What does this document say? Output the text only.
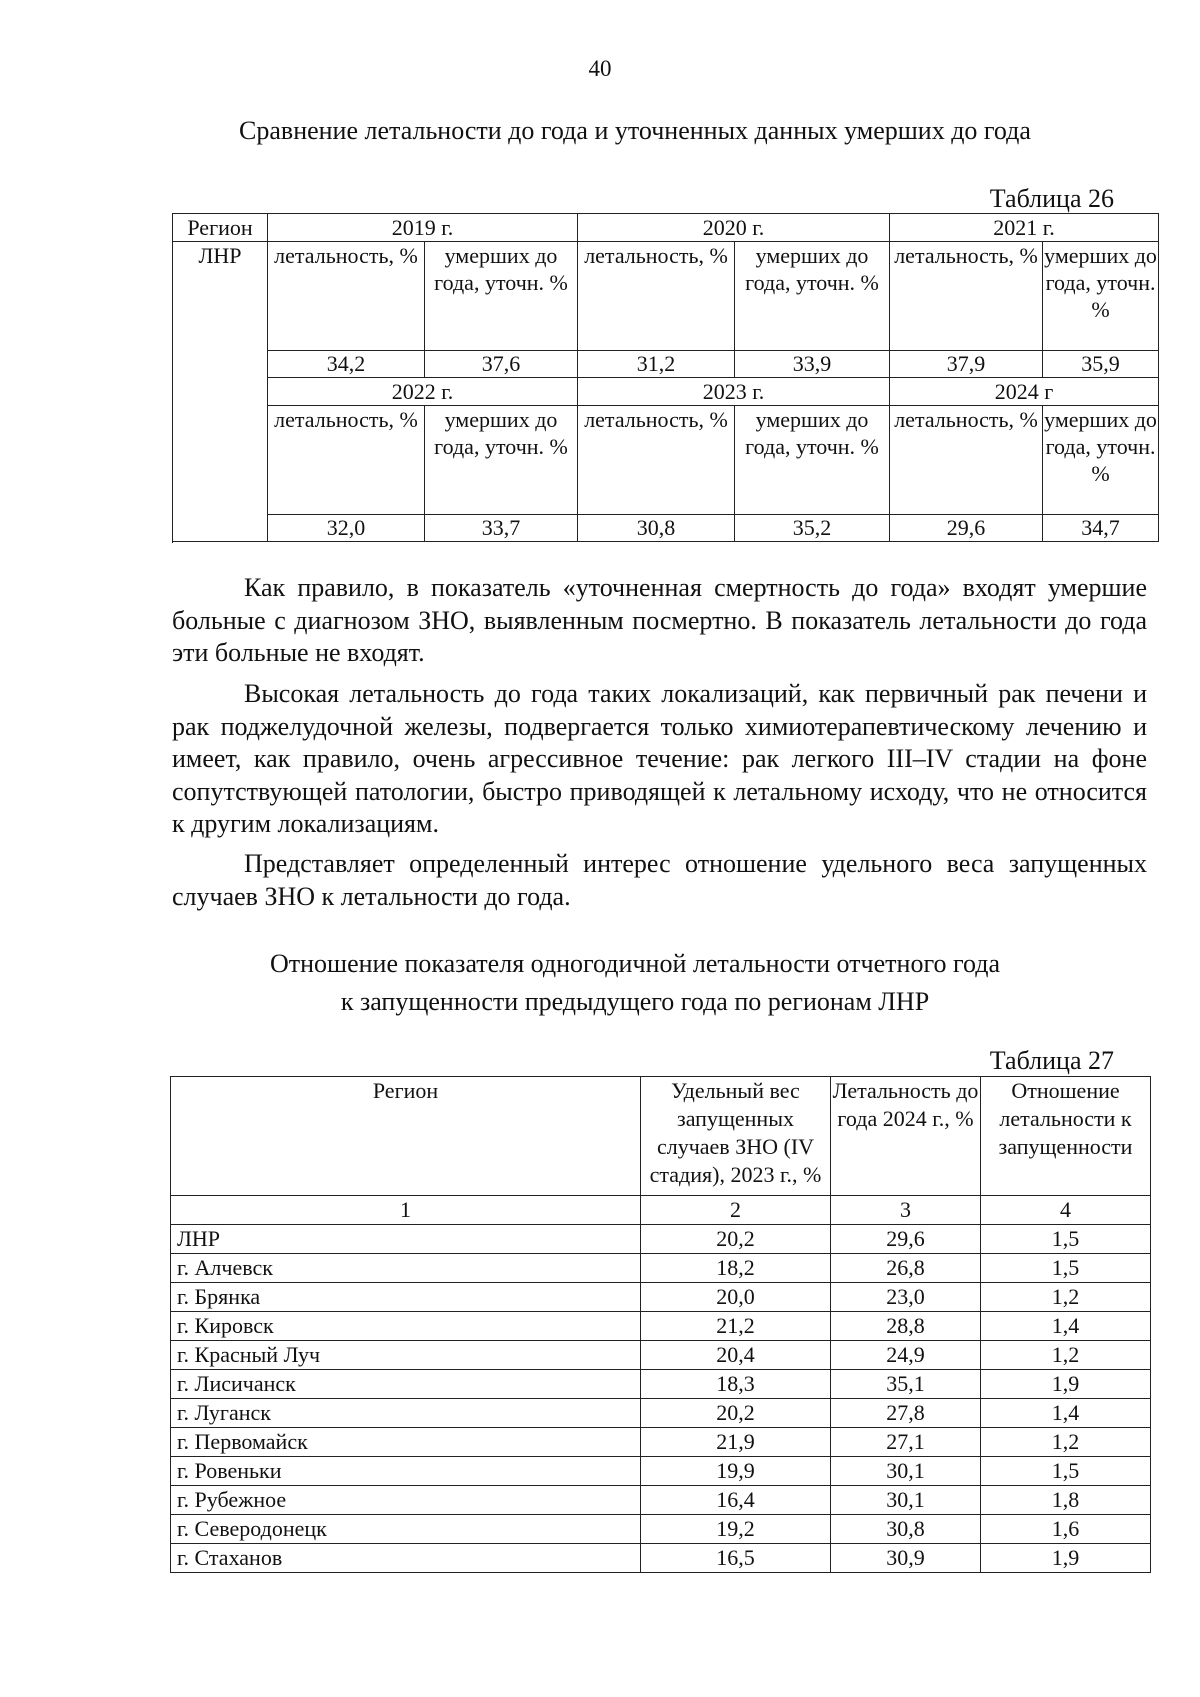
40
Сравнение летальности до года и уточненных данных умерших до года
Таблица 26
Регион	2019 г.		2020 г.		2021 г.	
ЛНР	летальность, %	умерших до года, уточн. %	летальность, %	умерших до года, уточн. %	летальность, %	умерших до года, уточн. %
	34,2	37,6	31,2	33,9	37,9	35,9
	2022 г.		2023 г.		2024 г	
	летальность, %	умерших до года, уточн. %	летальность, %	умерших до года, уточн. %	летальность, %	умерших до года, уточн. %
	32,0	33,7	30,8	35,2	29,6	34,7

Как правило, в показатель «уточненная смертность до года» входят умершие больные с диагнозом ЗНО, выявленным посмертно. В показатель летальности до года эти больные не входят.

Высокая летальность до года таких локализаций, как первичный рак печени и рак поджелудочной железы, подвергается только химиотерапевтическому лечению и имеет, как правило, очень агрессивное течение: рак легкого III–IV стадии на фоне сопутствующей патологии, быстро приводящей к летальному исходу, что не относится к другим локализациям.

Представляет определенный интерес отношение удельного веса запущенных случаев ЗНО к летальности до года.

Отношение показателя одногодичной летальности отчетного года
к запущенности предыдущего года по регионам ЛНР
Таблица 27
Регион	Удельный вес запущенных случаев ЗНО (IV стадия), 2023 г., %	Летальность до года 2024 г., %	Отношение летальности к запущенности
1	2	3	4
ЛНР	20,2	29,6	1,5
г. Алчевск	18,2	26,8	1,5
г. Брянка	20,0	23,0	1,2
г. Кировск	21,2	28,8	1,4
г. Красный Луч	20,4	24,9	1,2
г. Лисичанск	18,3	35,1	1,9
г. Луганск	20,2	27,8	1,4
г. Первомайск	21,9	27,1	1,2
г. Ровеньки	19,9	30,1	1,5
г. Рубежное	16,4	30,1	1,8
г. Северодонецк	19,2	30,8	1,6
г. Стаханов	16,5	30,9	1,9
